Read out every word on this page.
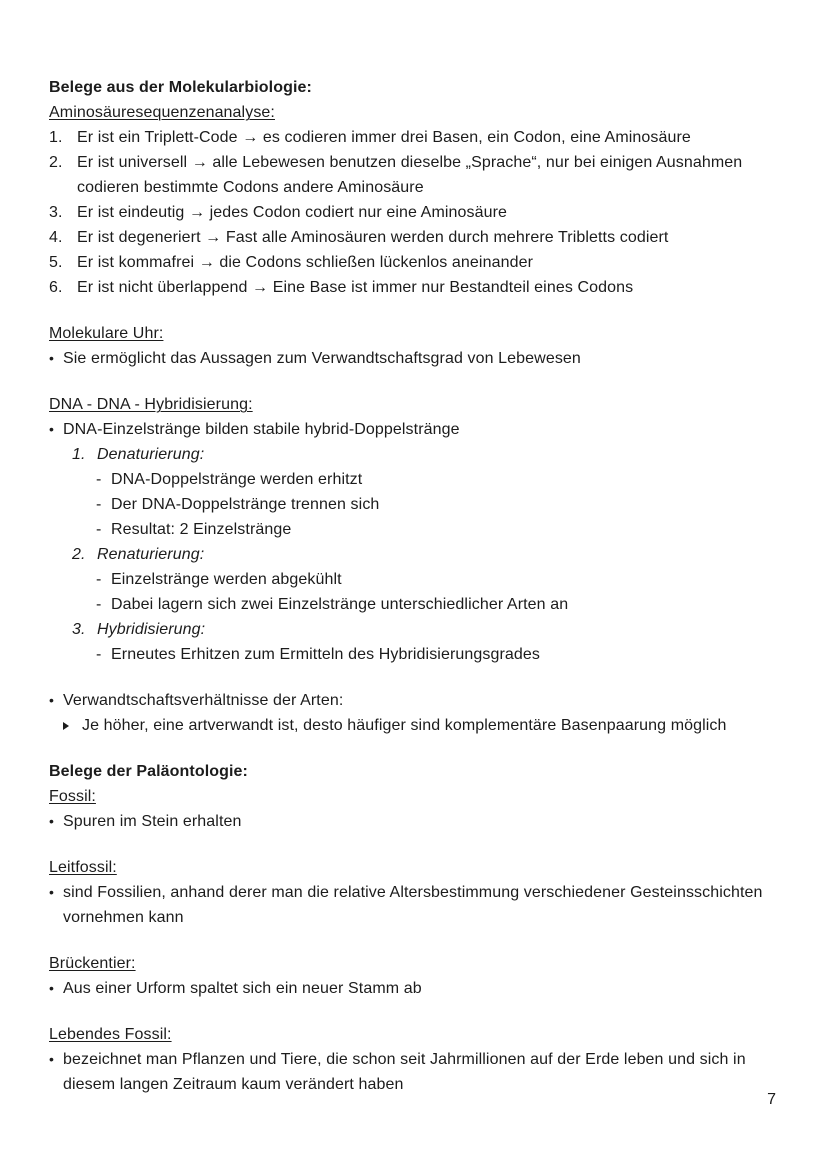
Belege aus der Molekularbiologie:
Aminosäuresequenzenanalyse:
1. Er ist ein Triplett-Code → es codieren immer drei Basen, ein Codon, eine Aminosäure
2. Er ist universell → alle Lebewesen benutzen dieselbe „Sprache“, nur bei einigen Ausnahmen codieren bestimmte Codons andere Aminosäure
3. Er ist eindeutig → jedes Codon codiert nur eine Aminosäure
4. Er ist degeneriert → Fast alle Aminosäuren werden durch mehrere Tribletts codiert
5. Er ist kommafrei → die Codons schließen lückenlos aneinander
6. Er ist nicht überlappend → Eine Base ist immer nur Bestandteil eines Codons
Molekulare Uhr:
• Sie ermöglicht das Aussagen zum Verwandtschaftsgrad von Lebewesen
DNA - DNA - Hybridisierung:
• DNA-Einzelstränge bilden stabile hybrid-Doppelstränge
1. Denaturierung:
- DNA-Doppelstränge werden erhitzt
- Der DNA-Doppelstränge trennen sich
- Resultat: 2 Einzelstränge
2. Renaturierung:
- Einzelstränge werden abgekühlt
- Dabei lagern sich zwei Einzelstränge unterschiedlicher Arten an
3. Hybridisierung:
- Erneutes Erhitzen zum Ermitteln des Hybridisierungsgrades
• Verwandtschaftsverhältnisse der Arten:
Je höher, eine artverwandt ist, desto häufiger sind komplementäre Basenpaarung möglich
Belege der Paläontologie:
Fossil:
• Spuren im Stein erhalten
Leitfossil:
• sind Fossilien, anhand derer man die relative Altersbestimmung verschiedener Gesteinsschichten vornehmen kann
Brückentier:
• Aus einer Urform spaltet sich ein neuer Stamm ab
Lebendes Fossil:
• bezeichnet man Pflanzen und Tiere, die schon seit Jahrmillionen auf der Erde leben und sich in diesem langen Zeitraum kaum verändert haben
7
